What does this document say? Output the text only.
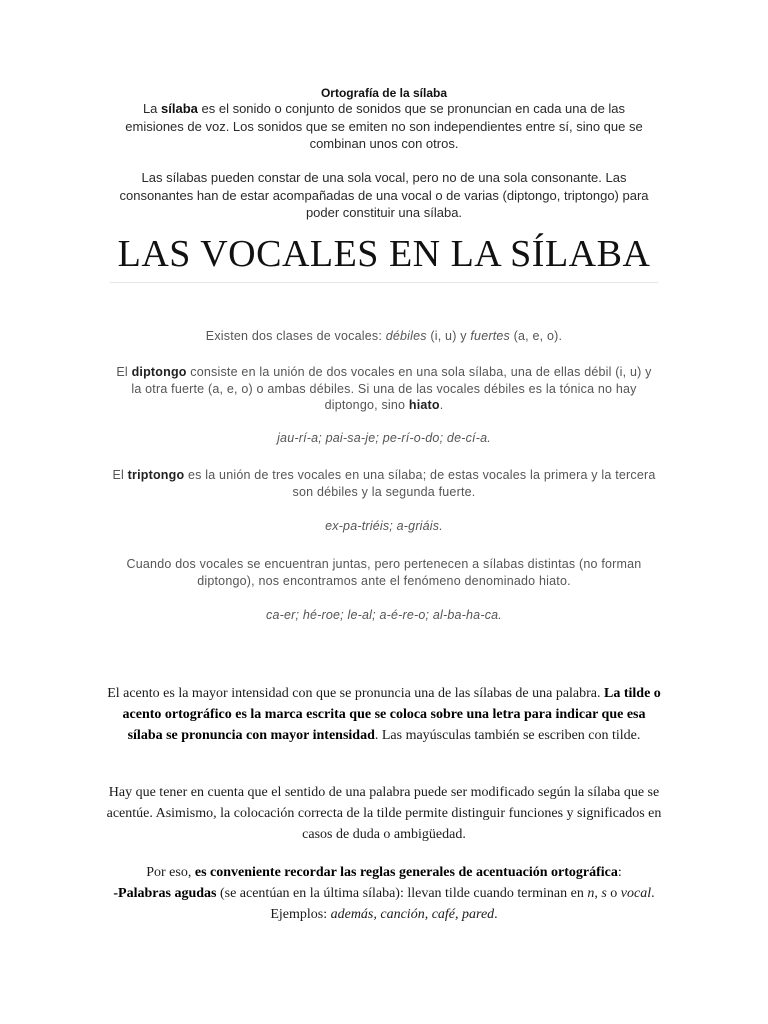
Ortografía de la sílaba

La sílaba es el sonido o conjunto de sonidos que se pronuncian en cada una de las emisiones de voz. Los sonidos que se emiten no son independientes entre sí, sino que se combinan unos con otros.

Las sílabas pueden constar de una sola vocal, pero no de una sola consonante. Las consonantes han de estar acompañadas de una vocal o de varias (diptongo, triptongo) para poder constituir una sílaba.

LAS VOCALES EN LA SÍLABA

Existen dos clases de vocales: débiles (i, u) y fuertes (a, e, o).

El diptongo consiste en la unión de dos vocales en una sola sílaba, una de ellas débil (i, u) y la otra fuerte (a, e, o) o ambas débiles. Si una de las vocales débiles es la tónica no hay diptongo, sino hiato.

jau-rí-a; pai-sa-je; pe-rí-o-do; de-cí-a.

El triptongo es la unión de tres vocales en una sílaba; de estas vocales la primera y la tercera son débiles y la segunda fuerte.

ex-pa-triéis; a-griáis.

Cuando dos vocales se encuentran juntas, pero pertenecen a sílabas distintas (no forman diptongo), nos encontramos ante el fenómeno denominado hiato.

ca-er; hé-roe; le-al; a-é-re-o; al-ba-ha-ca.

El acento es la mayor intensidad con que se pronuncia una de las sílabas de una palabra. La tilde o acento ortográfico es la marca escrita que se coloca sobre una letra para indicar que esa sílaba se pronuncia con mayor intensidad. Las mayúsculas también se escriben con tilde.

Hay que tener en cuenta que el sentido de una palabra puede ser modificado según la sílaba que se acentúe. Asimismo, la colocación correcta de la tilde permite distinguir funciones y significados en casos de duda o ambigüedad.

Por eso, es conveniente recordar las reglas generales de acentuación ortográfica:
-Palabras agudas (se acentúan en la última sílaba): llevan tilde cuando terminan en n, s o vocal. Ejemplos: además, canción, café, pared.
